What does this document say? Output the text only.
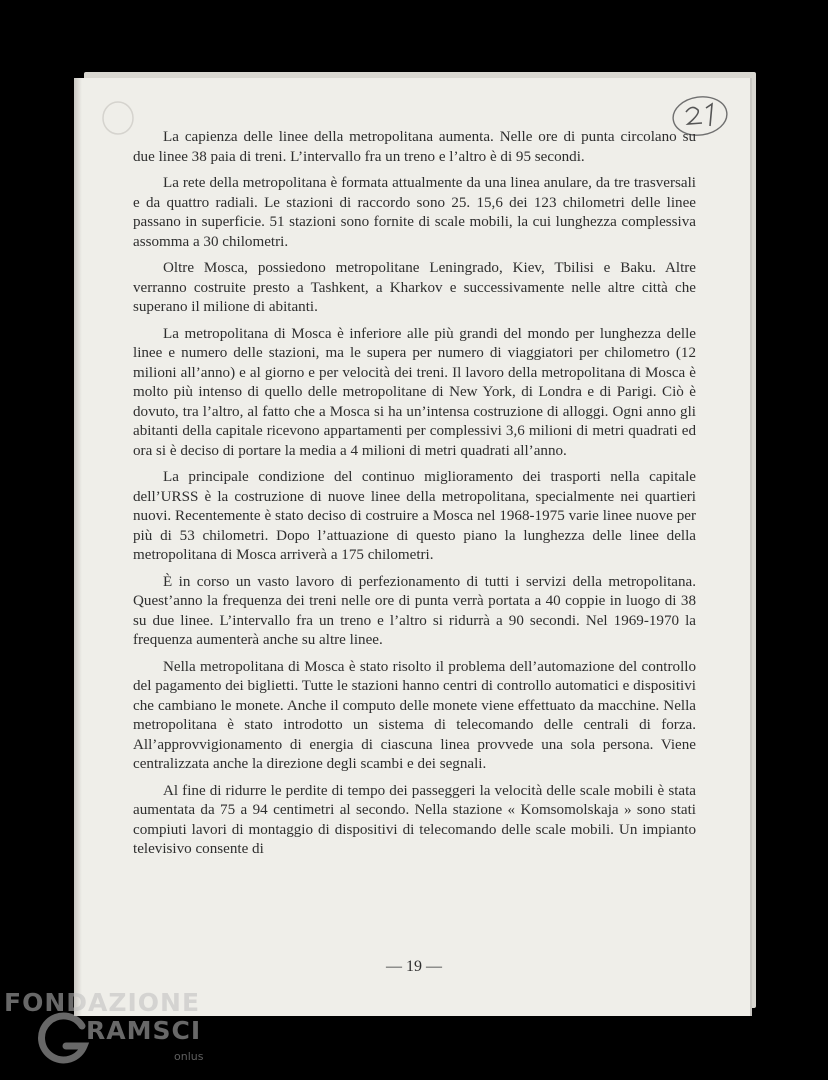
La capienza delle linee della metropolitana aumenta. Nelle ore di punta circolano su due linee 38 paia di treni. L’intervallo fra un treno e l’altro è di 95 secondi.

La rete della metropolitana è formata attualmente da una linea anulare, da tre trasversali e da quattro radiali. Le stazioni di raccordo sono 25. 15,6 dei 123 chilometri delle linee passano in superficie. 51 stazioni sono fornite di scale mobili, la cui lunghezza complessiva assomma a 30 chilometri.

Oltre Mosca, possiedono metropolitane Leningrado, Kiev, Tbilisi e Baku. Altre verranno costruite presto a Tashkent, a Kharkov e successivamente nelle altre città che superano il milione di abitanti.

La metropolitana di Mosca è inferiore alle più grandi del mondo per lunghezza delle linee e numero delle stazioni, ma le supera per numero di viaggiatori per chilometro (12 milioni all’anno) e al giorno e per velocità dei treni. Il lavoro della metropolitana di Mosca è molto più intenso di quello delle metropolitane di New York, di Londra e di Parigi. Ciò è dovuto, tra l’altro, al fatto che a Mosca si ha un’intensa costruzione di alloggi. Ogni anno gli abitanti della capitale ricevono appartamenti per complessivi 3,6 milioni di metri quadrati ed ora si è deciso di portare la media a 4 milioni di metri quadrati all’anno.

La principale condizione del continuo miglioramento dei trasporti nella capitale dell’URSS è la costruzione di nuove linee della metropolitana, specialmente nei quartieri nuovi. Recentemente è stato deciso di costruire a Mosca nel 1968-1975 varie linee nuove per più di 53 chilometri. Dopo l’attuazione di questo piano la lunghezza delle linee della metropolitana di Mosca arriverà a 175 chilometri.

È in corso un vasto lavoro di perfezionamento di tutti i servizi della metropolitana. Quest’anno la frequenza dei treni nelle ore di punta verrà portata a 40 coppie in luogo di 38 su due linee. L’intervallo fra un treno e l’altro si ridurrà a 90 secondi. Nel 1969-1970 la frequenza aumenterà anche su altre linee.

Nella metropolitana di Mosca è stato risolto il problema dell’automazione del controllo del pagamento dei biglietti. Tutte le stazioni hanno centri di controllo automatici e dispositivi che cambiano le monete. Anche il computo delle monete viene effettuato da macchine. Nella metropolitana è stato introdotto un sistema di telecomando delle centrali di forza. All’approvvigionamento di energia di ciascuna linea provvede una sola persona. Viene centralizzata anche la direzione degli scambi e dei segnali.

Al fine di ridurre le perdite di tempo dei passeggeri la velocità delle scale mobili è stata aumentata da 75 a 94 centimetri al secondo. Nella stazione « Komsomolskaja » sono stati compiuti lavori di montaggio di dispositivi di telecomando delle scale mobili. Un impianto televisivo consente di

— 19 —
FONDAZIONE
RAMSCI
onlus
